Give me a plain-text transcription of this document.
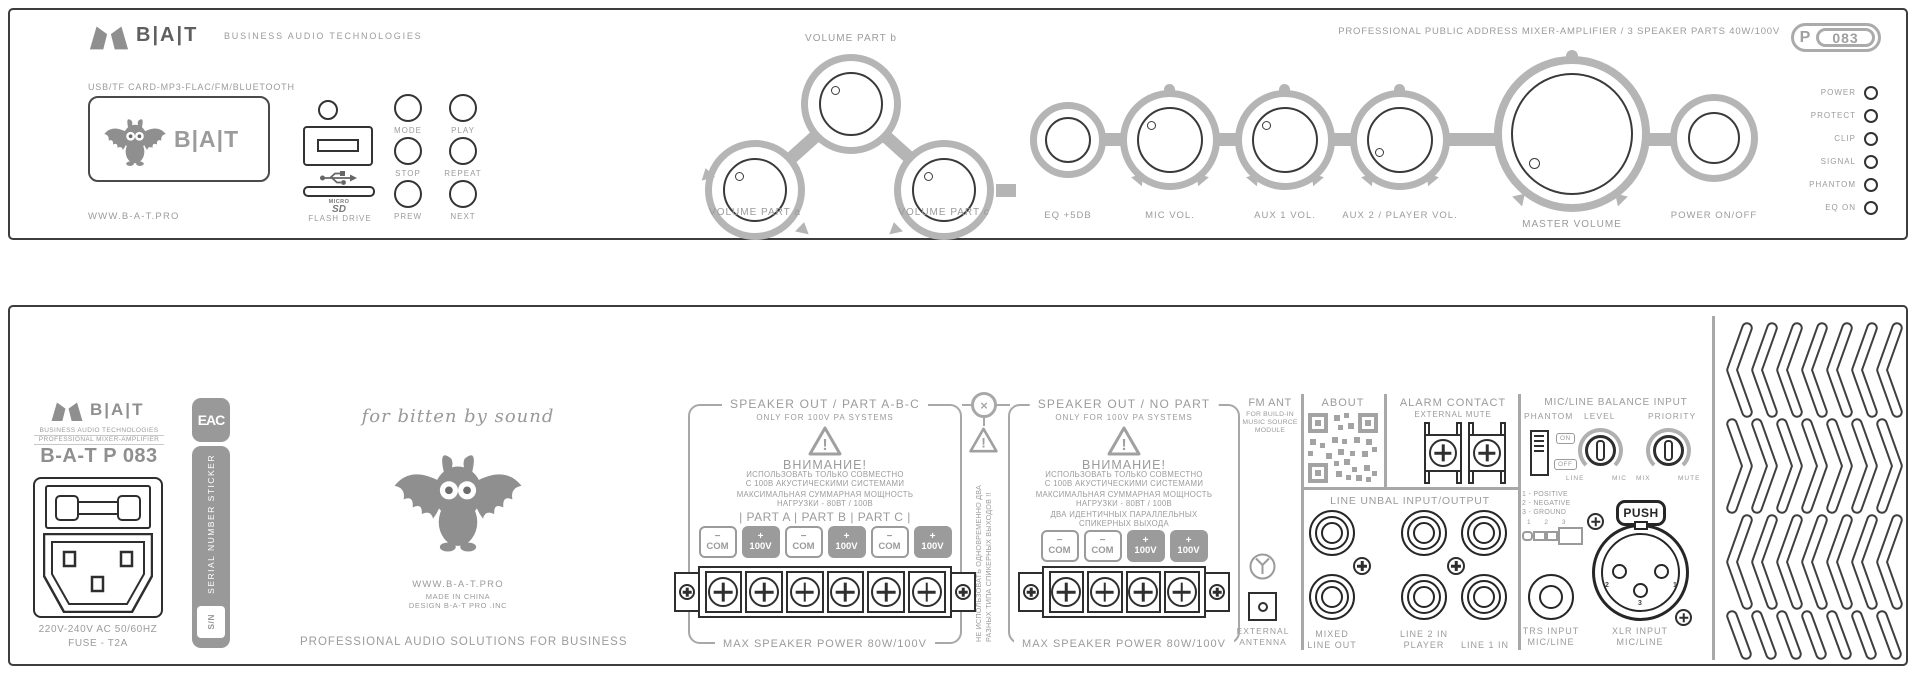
B|A|T	BUSINESS AUDIO TECHNOLOGIES
USB/TF CARD-MP3-FLAC/FM/BLUETOOTH
B|A|T
WWW.B-A-T.PRO
MICRO
SD
FLASH DRIVE
MODE	PLAY
STOP	REPEAT
PREW	NEXT
VOLUME PART b
VOLUME PART a	VOLUME PART c	EQ +5DB	MIC VOL.	AUX 1 VOL.	AUX 2 / PLAYER VOL.
MASTER VOLUME
POWER ON/OFF
PROFESSIONAL PUBLIC ADDRESS MIXER-AMPLIFIER / 3 SPEAKER PARTS 40W/100V	P	083
POWER
PROTECT
CLIP
SIGNAL
PHANTOM
EQ ON
B|A|T
BUSINESS AUDIO TECHNOLOGIES
PROFESSIONAL MIXER-AMPLIFIER
B-A-T P 083
220V-240V AC 50/60HZ
FUSE - T2A
EAC
SERIAL NUMBER STICKER
S/N
for bitten by sound
WWW.B-A-T.PRO
MADE IN CHINA
DESIGN B-A-T PRO .INC
PROFESSIONAL AUDIO SOLUTIONS FOR BUSINESS
SPEAKER OUT / PART A-B-C
MAX SPEAKER POWER 80W/100V
ONLY FOR 100V PA SYSTEMS
ВНИМАНИЕ!
ИСПОЛЬЗОВАТЬ ТОЛЬКО СОВМЕСТНО
С 100В АКУСТИЧЕСКИМИ СИСТЕМАМИ
МАКСИМАЛЬНАЯ СУММАРНАЯ МОЩНОСТЬ
НАГРУЗКИ - 80ВТ / 100В
| PART A | PART B | PART C |
−
COM
+
100V
−
COM
+
100V
−
COM
+
100V
×
НЕ ИСПОЛЬЗОВАТЬ ОДНОВРЕМЕННО ДВА РАЗНЫХ ТИПА СПИКЕРНЫХ ВЫХОДОВ !!
SPEAKER OUT / NO PART
MAX SPEAKER POWER 80W/100V
ONLY FOR 100V PA SYSTEMS
ВНИМАНИЕ!
ИСПОЛЬЗОВАТЬ ТОЛЬКО СОВМЕСТНО
С 100В АКУСТИЧЕСКИМИ СИСТЕМАМИ
МАКСИМАЛЬНАЯ СУММАРНАЯ МОЩНОСТЬ
НАГРУЗКИ - 80ВТ / 100В
ДВА ИДЕНТИЧНЫХ ПАРАЛЛЕЛЬНЫХ
СПИКЕРНЫХ ВЫХОДА
−
COM
−
COM
+
100V
+
100V
FM ANT
FOR BUILD-IN
MUSIC SOURCE
MODULE
EXTERNAL
ANTENNA
ABOUT	ALARM CONTACT
EXTERNAL MUTE
LINE UNBAL INPUT/OUTPUT
MIXED
LINE OUT
LINE 2 IN
PLAYER	LINE 1 IN
MIC/LINE BALANCE INPUT
PHANTOM LEVEL	PRIORITY
ON
OFF
LINE	MIC MIX	MUTE
1 - POSITIVE
2 - NEGATIVE
3 - GROUND
1 2 3
TRS INPUT
MIC/LINE
PUSH
2	1
3
XLR INPUT
MIC/LINE
